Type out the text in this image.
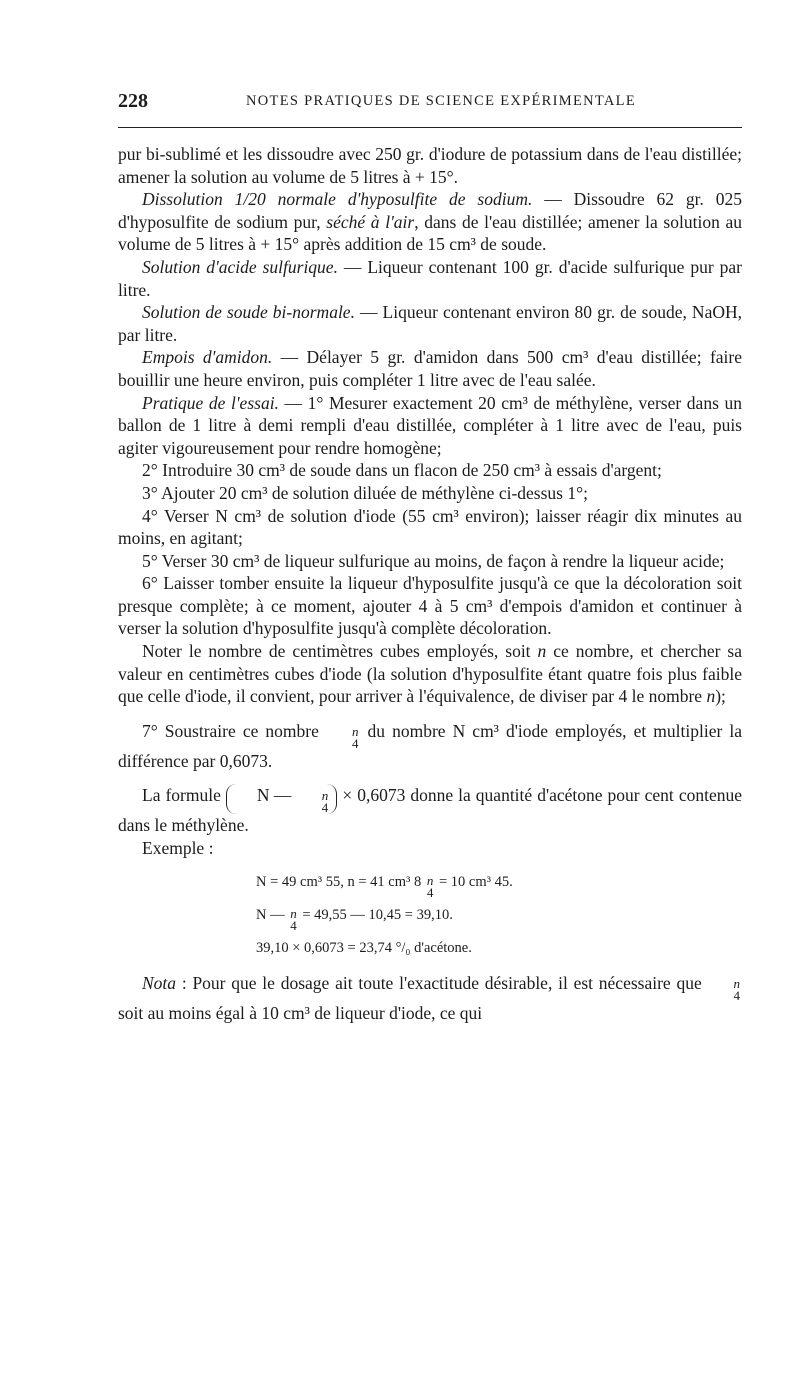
228	NOTES PRATIQUES DE SCIENCE EXPÉRIMENTALE

pur bi-sublimé et les dissoudre avec 250 gr. d'iodure de potassium dans de l'eau distillée; amener la solution au volume de 5 litres à + 15°.

Dissolution 1/20 normale d'hyposulfite de sodium. — Dissoudre 62 gr. 025 d'hyposulfite de sodium pur, séché à l'air, dans de l'eau distillée; amener la solution au volume de 5 litres à + 15° après addition de 15 cm³ de soude.

Solution d'acide sulfurique. — Liqueur contenant 100 gr. d'acide sulfurique pur par litre.

Solution de soude bi-normale. — Liqueur contenant environ 80 gr. de soude, NaOH, par litre.

Empois d'amidon. — Délayer 5 gr. d'amidon dans 500 cm³ d'eau distillée; faire bouillir une heure environ, puis compléter 1 litre avec de l'eau salée.

Pratique de l'essai. — 1° Mesurer exactement 20 cm³ de méthylène, verser dans un ballon de 1 litre à demi rempli d'eau distillée, compléter à 1 litre avec de l'eau, puis agiter vigoureusement pour rendre homogène;

2° Introduire 30 cm³ de soude dans un flacon de 250 cm³ à essais d'argent;

3° Ajouter 20 cm³ de solution diluée de méthylène ci-dessus 1°;

4° Verser N cm³ de solution d'iode (55 cm³ environ); laisser réagir dix minutes au moins, en agitant;

5° Verser 30 cm³ de liqueur sulfurique au moins, de façon à rendre la liqueur acide;

6° Laisser tomber ensuite la liqueur d'hyposulfite jusqu'à ce que la décoloration soit presque complète; à ce moment, ajouter 4 à 5 cm³ d'empois d'amidon et continuer à verser la solution d'hyposulfite jusqu'à complète décoloration.

Noter le nombre de centimètres cubes employés, soit n ce nombre, et chercher sa valeur en centimètres cubes d'iode (la solution d'hyposulfite étant quatre fois plus faible que celle d'iode, il convient, pour arriver à l'équivalence, de diviser par 4 le nombre n);

7° Soustraire ce nombre	n
4
du nombre N cm³ d'iode employés, et multiplier la différence par 0,6073.

La formule N —	n
4
× 0,6073 donne la quantité d'acétone pour cent contenue dans le méthylène.

Exemple :

N = 49 cm³ 55, n = 41 cm³ 8 n
4
= 10 cm³ 45.
N — n
4
= 49,55 — 10,45 = 39,10.
39,10 × 0,6073 = 23,74 °/₀ d'acétone.

Nota : Pour que le dosage ait toute l'exactitude désirable, il est nécessaire que	n
4
soit au moins égal à 10 cm³ de liqueur d'iode, ce qui
